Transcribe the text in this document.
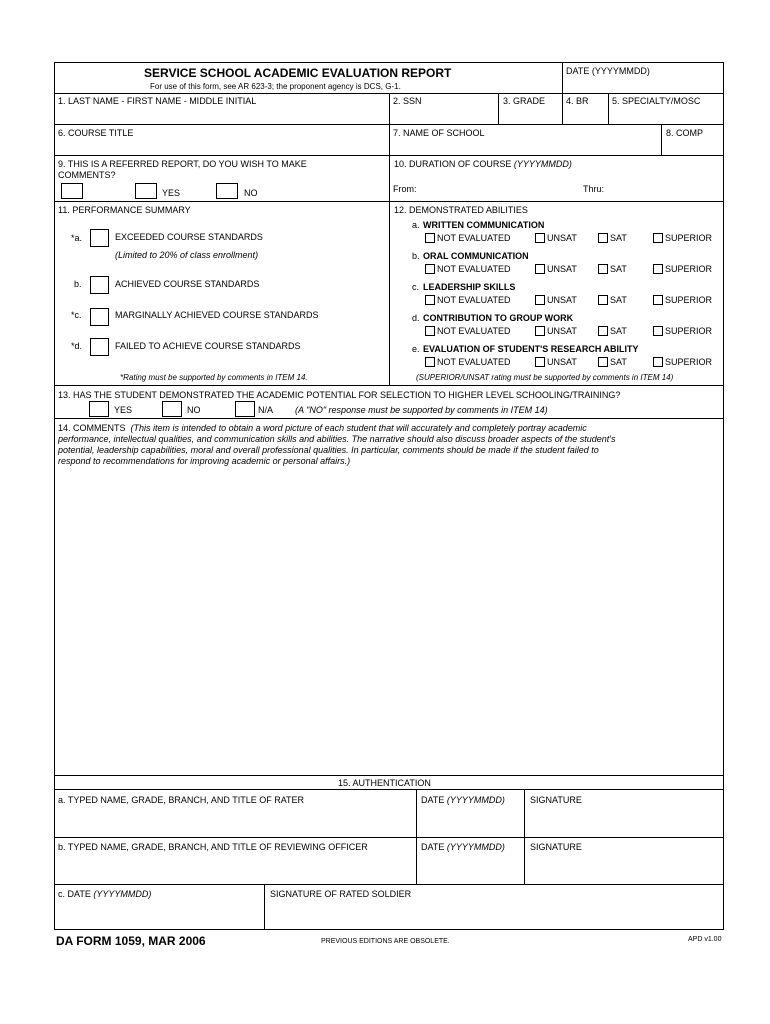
SERVICE SCHOOL ACADEMIC EVALUATION REPORT
For use of this form, see AR 623-3; the proponent agency is DCS, G-1.
DATE (YYYYMMDD)
1. LAST NAME - FIRST NAME - MIDDLE INITIAL	2. SSN	3. GRADE 4. BR	5. SPECIALTY/MOSC
6. COURSE TITLE	7. NAME OF SCHOOL	8. COMP
9. THIS IS A REFERRED REPORT, DO YOU WISH TO MAKE
COMMENTS?
YES	NO
10. DURATION OF COURSE (YYYYMMDD)
From:	Thru:
11. PERFORMANCE SUMMARY
*a.	EXCEEDED COURSE STANDARDS
(Limited to 20% of class enrollment)
b.	ACHIEVED COURSE STANDARDS
*c.	MARGINALLY ACHIEVED COURSE STANDARDS
*d.	FAILED TO ACHIEVE COURSE STANDARDS
*Rating must be supported by comments in ITEM 14.
12. DEMONSTRATED ABILITIES
a. WRITTEN COMMUNICATION
NOT EVALUATED	UNSAT	SAT	SUPERIOR
b. ORAL COMMUNICATION
NOT EVALUATED	UNSAT	SAT	SUPERIOR
c. LEADERSHIP SKILLS
NOT EVALUATED	UNSAT	SAT	SUPERIOR
d. CONTRIBUTION TO GROUP WORK
NOT EVALUATED	UNSAT	SAT	SUPERIOR
e. EVALUATION OF STUDENT'S RESEARCH ABILITY
NOT EVALUATED	UNSAT	SAT	SUPERIOR
(SUPERIOR/UNSAT rating must be supported by comments in ITEM 14)
13. HAS THE STUDENT DEMONSTRATED THE ACADEMIC POTENTIAL FOR SELECTION TO HIGHER LEVEL SCHOOLING/TRAINING?
YES	NO	N/A (A "NO" response must be supported by comments in ITEM 14)
14. COMMENTS (This item is intended to obtain a word picture of each student that will accurately and completely portray academic
performance, intellectual qualities, and communication skills and abilities. The narrative should also discuss broader aspects of the student's
potential, leadership capabilities, moral and overall professional qualities. In particular, comments should be made if the student failed to
respond to recommendations for improving academic or personal affairs.)
15. AUTHENTICATION
a. TYPED NAME, GRADE, BRANCH, AND TITLE OF RATER	DATE (YYYYMMDD)	SIGNATURE
b. TYPED NAME, GRADE, BRANCH, AND TITLE OF REVIEWING OFFICER	DATE (YYYYMMDD)	SIGNATURE
c. DATE (YYYYMMDD)	SIGNATURE OF RATED SOLDIER
DA FORM 1059, MAR 2006	PREVIOUS EDITIONS ARE OBSOLETE.	APD v1.00
